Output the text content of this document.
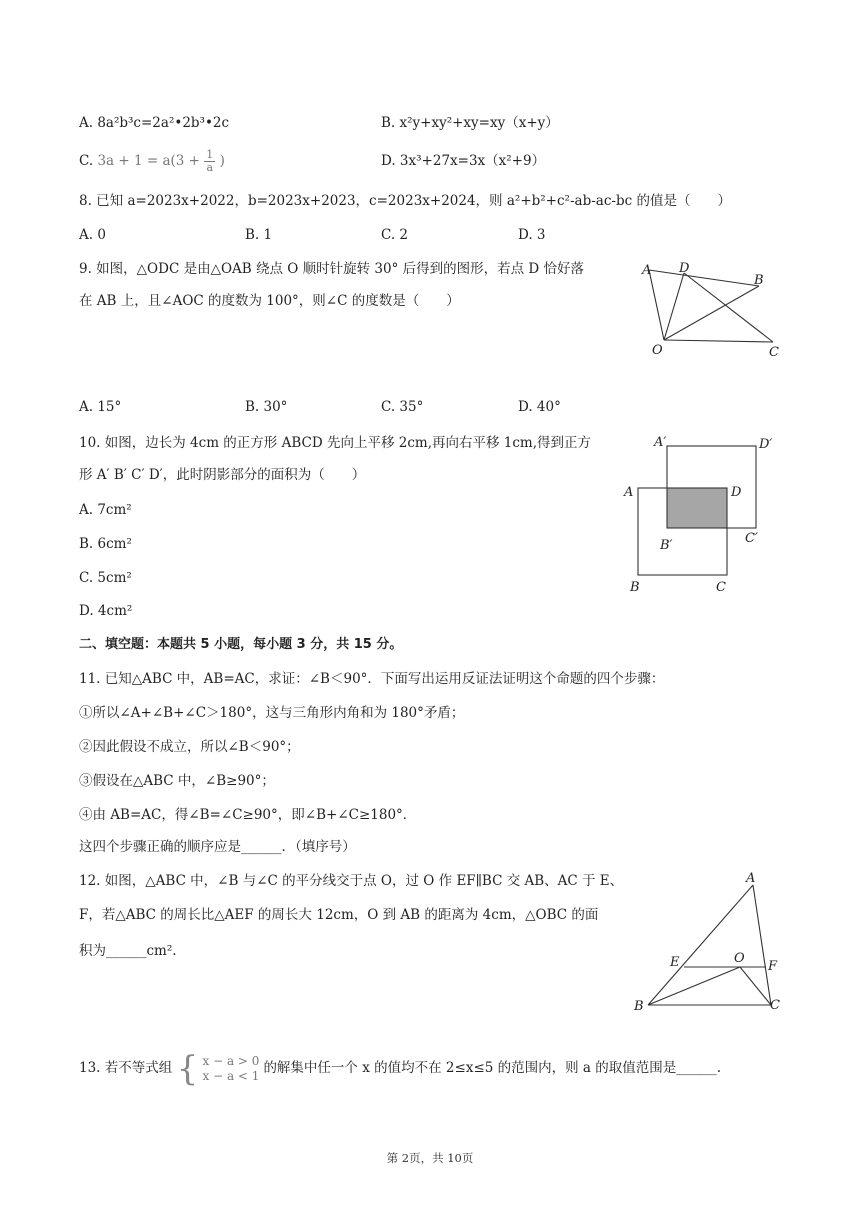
A. 8a²b³c=2a²•2b³•2c	B. x²y+xy²+xy=xy（x+y）
C. $3a + 1 = a(3 + \frac{1}{a}$ )	D. 3x³+27x=3x（x²+9）
8. 已知 a=2023x+2022，b=2023x+2023，c=2023x+2024，则 a²+b²+c²-ab-ac-bc 的值是（　　）
A. 0	B. 1	C. 2	D. 3
9. 如图，△ODC 是由△OAB 绕点 O 顺时针旋转 30° 后得到的图形，若点 D 恰好落
在 AB 上，且∠AOC 的度数为 100°，则∠C 的度数是（　　）
A D
B
O	C
A. 15°	B. 30°	C. 35°	D. 40°
10. 如图，边长为 4cm 的正方形 ABCD 先向上平移 2cm,再向右平移 1cm,得到正方
形 A′ B′ C′ D′，此时阴影部分的面积为（　　）
A. 7cm²
B. 6cm²
C. 5cm²
D. 4cm²
A′	D′
A	D
B′	C′
B	C
二、填空题：本题共 5 小题，每小题 3 分，共 15 分。
11. 已知△ABC 中，AB=AC，求证：∠B＜90°．下面写出运用反证法证明这个命题的四个步骤：
①所以∠A+∠B+∠C＞180°，这与三角形内角和为 180°矛盾；
②因此假设不成立，所以∠B＜90°；
③假设在△ABC 中，∠B≥90°；
④由 AB=AC，得∠B=∠C≥90°，即∠B+∠C≥180°．
这四个步骤正确的顺序应是______．（填序号）
12. 如图，△ABC 中，∠B 与∠C 的平分线交于点 O，过 O 作 EF∥BC 交 AB、AC 于 E、
F，若△ABC 的周长比△AEF 的周长大 12cm，O 到 AB 的距离为 4cm，△OBC 的面
积为______cm².
A
E	O
F
B	C
13. 若不等式组 { x − a > 0
x − a < 1 的解集中任一个 x 的值均不在 2≤x≤5 的范围内，则 a 的取值范围是______.
第 2页，共 10页
